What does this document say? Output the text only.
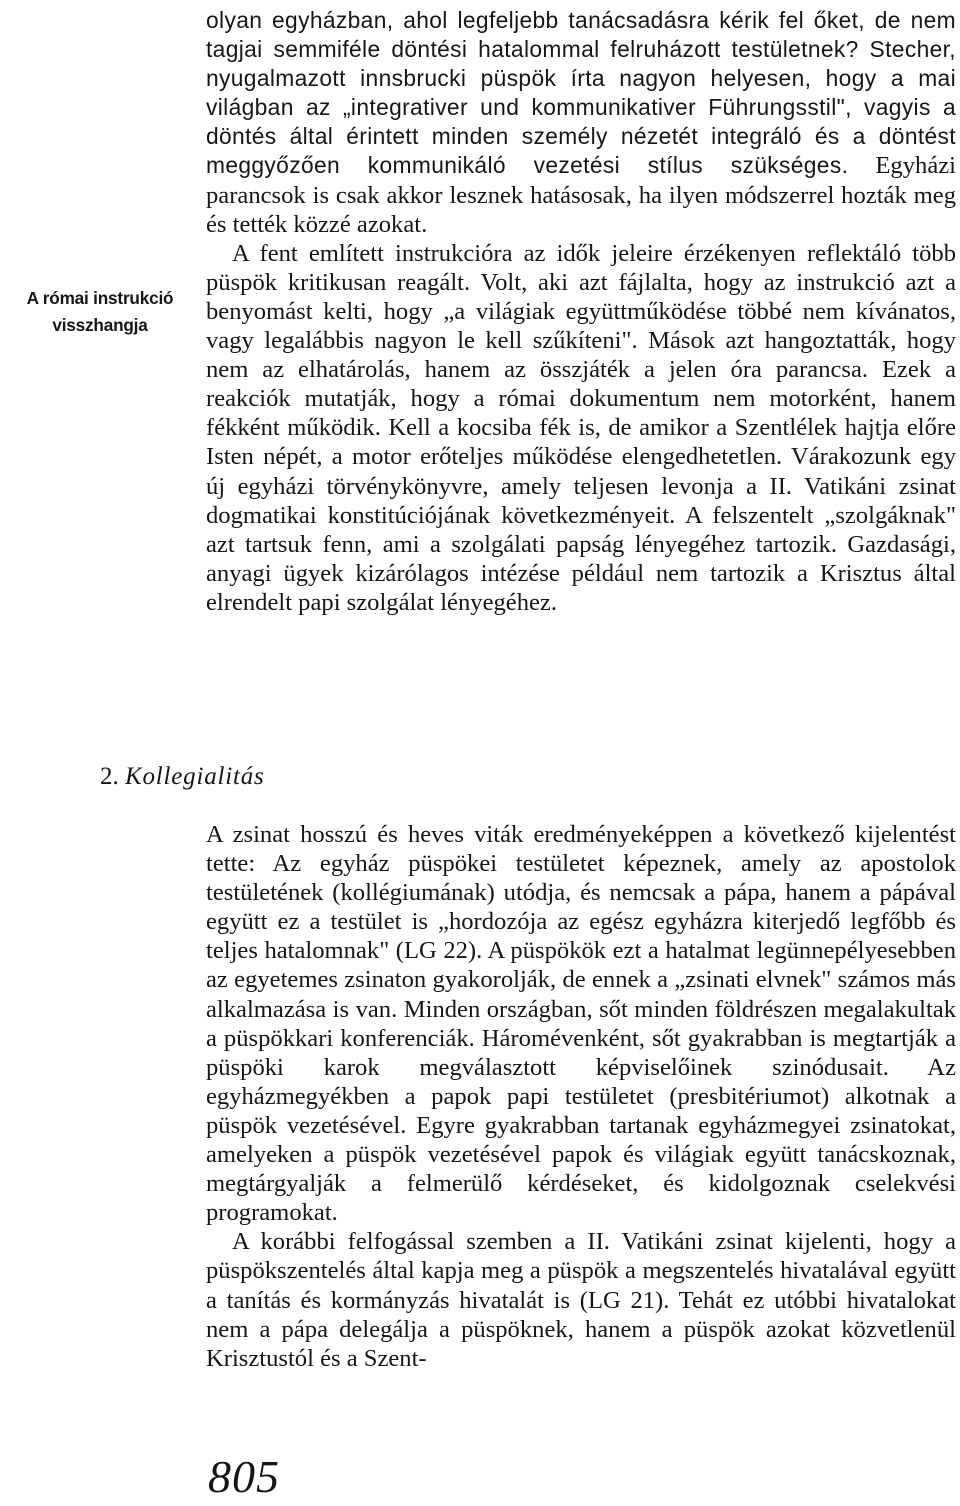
olyan egyházban, ahol legfeljebb tanácsadásra kérik fel őket, de nem tagjai semmiféle döntési hatalommal felruházott testületnek? Stecher, nyugalmazott innsbrucki püspök írta nagyon helyesen, hogy a mai világban az „integrativer und kommunikativer Führungsstil", vagyis a döntés által érintett minden személy nézetét integráló és a döntést meggyőzően kommunikáló vezetési stílus szükséges. Egyházi parancsok is csak akkor lesznek hatásosak, ha ilyen módszerrel hozták meg és tették közzé azokat.

A fent említett instrukcióra az idők jeleire érzékenyen reflektáló több püspök kritikusan reagált. Volt, aki azt fájlalta, hogy az instrukció azt a benyomást kelti, hogy „a világiak együttműködése többé nem kívánatos, vagy legalábbis nagyon le kell szűkíteni". Mások azt hangoztatták, hogy nem az elhatárolás, hanem az összjáték a jelen óra parancsa. Ezek a reakciók mutatják, hogy a római dokumentum nem motorként, hanem fékként működik. Kell a kocsiba fék is, de amikor a Szentlélek hajtja előre Isten népét, a motor erőteljes működése elengedhetetlen. Várakozunk egy új egyházi törvénykönyvre, amely teljesen levonja a II. Vatikáni zsinat dogmatikai konstitúciójának következményeit. A felszentelt „szolgáknak" azt tartsuk fenn, ami a szolgálati papság lényegéhez tartozik. Gazdasági, anyagi ügyek kizárólagos intézése például nem tartozik a Krisztus által elrendelt papi szolgálat lényegéhez.

A római instrukció
visszhangja
2. Kollegialitás

A zsinat hosszú és heves viták eredményeképpen a következő kijelentést tette: Az egyház püspökei testületet képeznek, amely az apostolok testületének (kollégiumának) utódja, és nemcsak a pápa, hanem a pápával együtt ez a testület is „hordozója az egész egyházra kiterjedő legfőbb és teljes hatalomnak" (LG 22). A püspökök ezt a hatalmat legünnepélyesebben az egyetemes zsinaton gyakorolják, de ennek a „zsinati elvnek" számos más alkalmazása is van. Minden országban, sőt minden földrészen megalakultak a püspökkari konferenciák. Háromévenként, sőt gyakrabban is megtartják a püspöki karok megválasztott képviselőinek szinódusait. Az egyházmegyékben a papok papi testületet (presbitériumot) alkotnak a püspök vezetésével. Egyre gyakrabban tartanak egyházmegyei zsinatokat, amelyeken a püspök vezetésével papok és világiak együtt tanácskoznak, megtárgyalják a felmerülő kérdéseket, és kidolgoznak cselekvési programokat.

A korábbi felfogással szemben a II. Vatikáni zsinat kijelenti, hogy a püspökszentelés által kapja meg a püspök a megszentelés hivatalával együtt a tanítás és kormányzás hivatalát is (LG 21). Tehát ez utóbbi hivatalokat nem a pápa delegálja a püspöknek, hanem a püspök azokat közvetlenül Krisztustól és a Szent-

805
